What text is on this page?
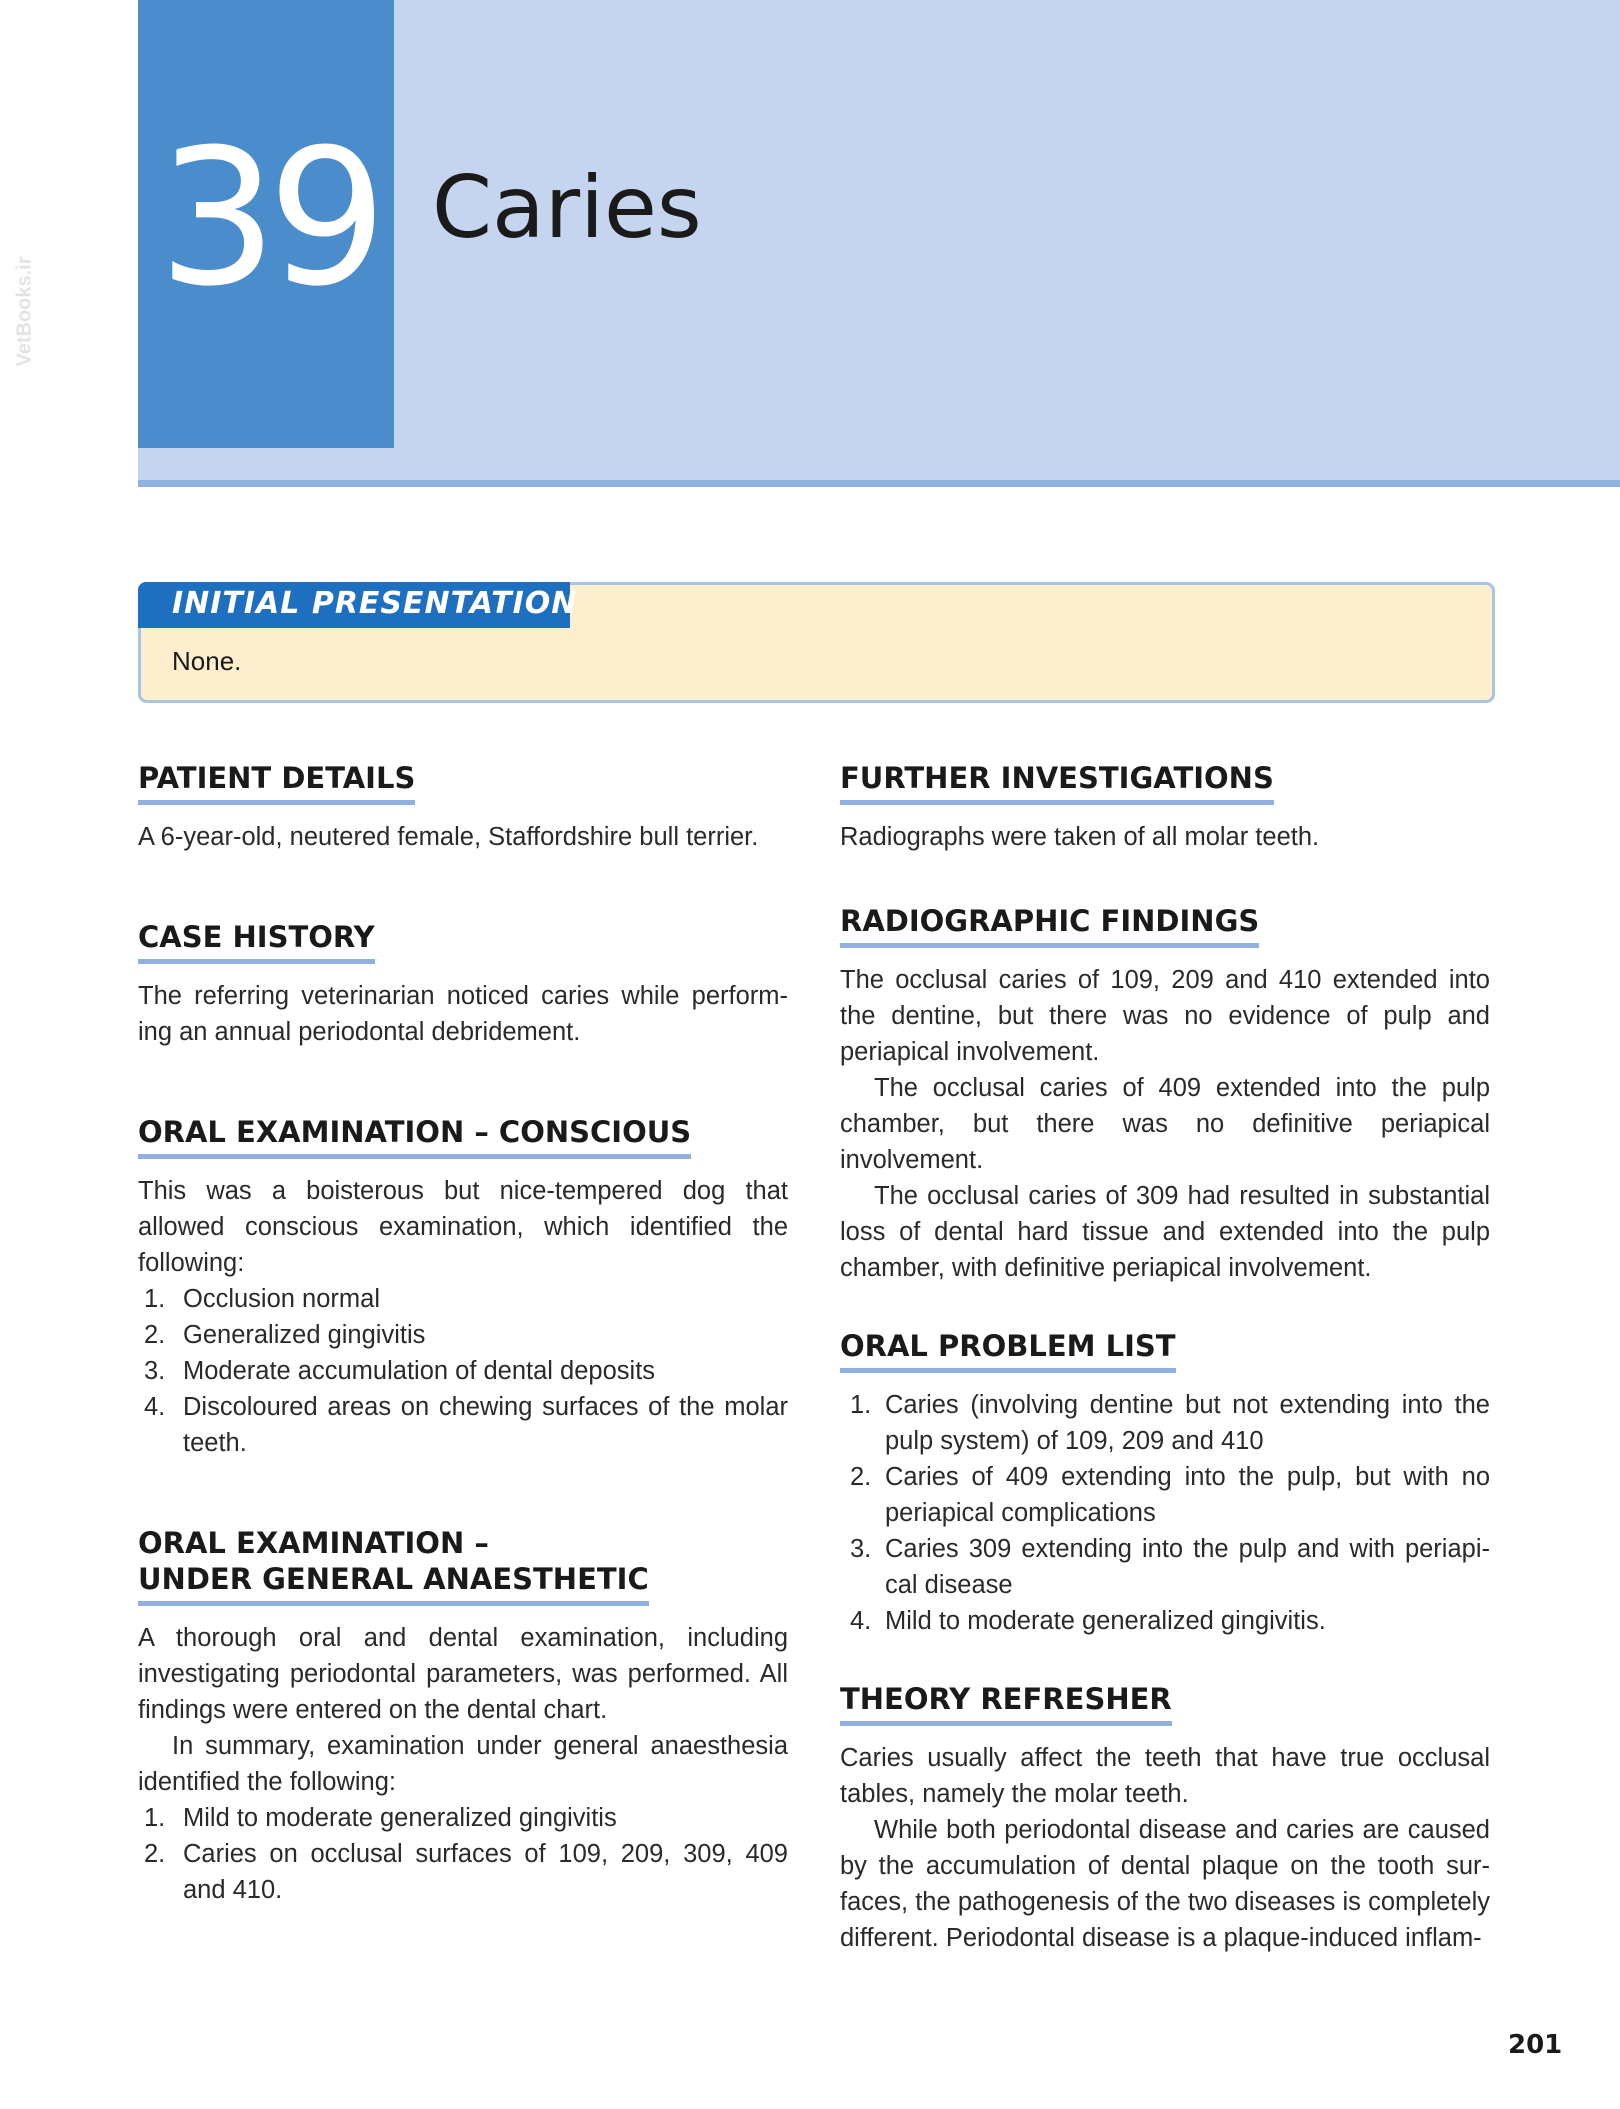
39 Caries
VetBooks.ir
INITIAL PRESENTATION
None.
PATIENT DETAILS

A 6-year-old, neutered female, Staffordshire bull terrier.

CASE HISTORY

The referring veterinarian noticed caries while perform-ing an annual periodontal debridement.

ORAL EXAMINATION – CONSCIOUS

This was a boisterous but nice-tempered dog that allowed conscious examination, which identified the following:

1. Occlusion normal
2. Generalized gingivitis
3. Moderate accumulation of dental deposits
4. Discoloured areas on chewing surfaces of the molar teeth.
ORAL EXAMINATION –
UNDER GENERAL ANAESTHETIC

A thorough oral and dental examination, including investigating periodontal parameters, was performed. All findings were entered on the dental chart.

In summary, examination under general anaesthesia identified the following:

1. Mild to moderate generalized gingivitis
2. Caries on occlusal surfaces of 109, 209, 309, 409 and 410.
FURTHER INVESTIGATIONS

Radiographs were taken of all molar teeth.

RADIOGRAPHIC FINDINGS

The occlusal caries of 109, 209 and 410 extended into the dentine, but there was no evidence of pulp and periapical involvement.

The occlusal caries of 409 extended into the pulp chamber, but there was no definitive periapical involvement.

The occlusal caries of 309 had resulted in substantial loss of dental hard tissue and extended into the pulp chamber, with definitive periapical involvement.

ORAL PROBLEM LIST
1. Caries (involving dentine but not extending into the pulp system) of 109, 209 and 410
2. Caries of 409 extending into the pulp, but with no periapical complications
3. Caries 309 extending into the pulp and with periapi-cal disease
4. Mild to moderate generalized gingivitis.
THEORY REFRESHER

Caries usually affect the teeth that have true occlusal tables, namely the molar teeth.

While both periodontal disease and caries are caused by the accumulation of dental plaque on the tooth sur-faces, the pathogenesis of the two diseases is completely different. Periodontal disease is a plaque-induced inflam-

201
